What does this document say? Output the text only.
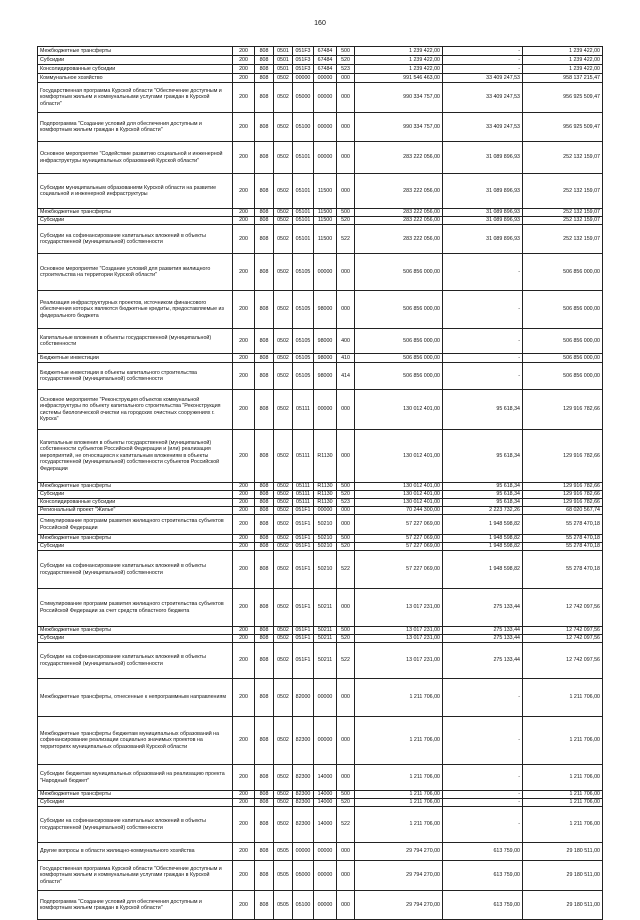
160
Межбюджетные трансферты	200	808	0501	051F3	67484	500	1 239 422,00	-	1 239 422,00
Субсидии	200	808	0501	051F3	67484	520	1 239 422,00	-	1 239 422,00
Консолидированные субсидии	200	808	0501	051F3	67484	523	1 239 422,00	-	1 239 422,00
Коммунальное хозяйство	200	808	0502	00000	00000	000	991 546 463,00	33 409 247,53	958 137 215,47
Государственная программа Курской области "Обеспечение доступным и комфортным жильем и коммунальными услугами граждан в Курской области"	200	808	0502	05000	00000	000	990 334 757,00	33 409 247,53	956 925 509,47
Подпрограмма "Создание условий для обеспечения доступным и комфортным жильем граждан в Курской области"	200	808	0502	05100	00000	000	990 334 757,00	33 409 247,53	956 925 509,47
Основное мероприятие "Содействие развитию социальной и инженерной инфраструктуры муниципальных образований Курской области"	200	808	0502	05101	00000	000	283 222 056,00	31 089 896,93	252 132 159,07
Субсидии муниципальным образованиям Курской области на развитие социальной и инженерной инфраструктуры	200	808	0502	05101	11500	000	283 222 056,00	31 089 896,93	252 132 159,07
Межбюджетные трансферты	200	808	0502	05101	11500	500	283 222 056,00	31 089 896,93	252 132 159,07
Субсидии	200	808	0502	05101	11500	520	283 222 056,00	31 089 896,93	252 132 159,07
Субсидии на софинансирование капитальных вложений в объекты государственной (муниципальной) собственности	200	808	0502	05101	11500	522	283 222 056,00	31 089 896,93	252 132 159,07
Основное мероприятие "Создание условий для развития жилищного строительства на территории Курской области"	200	808	0502	05105	00000	000	506 856 000,00	-	506 856 000,00
Реализация инфраструктурных проектов, источником финансового обеспечения которых являются бюджетные кредиты, предоставляемые из федерального бюджета	200	808	0502	05105	98000	000	506 856 000,00	-	506 856 000,00
Капитальные вложения в объекты государственной (муниципальной) собственности	200	808	0502	05105	98000	400	506 856 000,00	-	506 856 000,00
Бюджетные инвестиции	200	808	0502	05105	98000	410	506 856 000,00	-	506 856 000,00
Бюджетные инвестиции в объекты капитального строительства государственной (муниципальной) собственности	200	808	0502	05105	98000	414	506 856 000,00	-	506 856 000,00
Основное мероприятие "Реконструкция объектов коммунальной инфраструктуры по объекту капитального строительства "Реконструкция системы биологической очистки на городских очистных сооружениях г. Курска"	200	808	0502	05111	00000	000	130 012 401,00	95 618,34	129 916 782,66
Капитальные вложения в объекты государственной (муниципальной) собственности субъектов Российской Федерации и (или) реализация мероприятий, не относящихся к капитальным вложениям в объекты государственной (муниципальной) собственности субъектов Российской Федерации	200	808	0502	05111	R1130	000	130 012 401,00	95 618,34	129 916 782,66
Межбюджетные трансферты	200	808	0502	05111	R1130	500	130 012 401,00	95 618,34	129 916 782,66
Субсидии	200	808	0502	05111	R1130	520	130 012 401,00	95 618,34	129 916 782,66
Консолидированные субсидии	200	808	0502	05111	R1130	523	130 012 401,00	95 618,34	129 916 782,66
Региональный проект "Жилье"	200	808	0502	051F1	00000	000	70 244 300,00	2 223 732,26	68 020 567,74
Стимулирование программ развития жилищного строительства субъектов Российской Федерации	200	808	0502	051F1	50210	000	57 227 069,00	1 948 598,82	55 278 470,18
Межбюджетные трансферты	200	808	0502	051F1	50210	500	57 227 069,00	1 948 598,82	55 278 470,18
Субсидии	200	808	0502	051F1	50210	520	57 227 069,00	1 948 598,82	55 278 470,18
Субсидии на софинансирование капитальных вложений в объекты государственной (муниципальной) собственности	200	808	0502	051F1	50210	522	57 227 069,00	1 948 598,82	55 278 470,18
Стимулирование программ развития жилищного строительства субъектов Российской Федерации за счет средств областного бюджета	200	808	0502	051F1	50211	000	13 017 231,00	275 133,44	12 742 097,56
Межбюджетные трансферты	200	808	0502	051F1	50211	500	13 017 231,00	275 133,44	12 742 097,56
Субсидии	200	808	0502	051F1	50211	520	13 017 231,00	275 133,44	12 742 097,56
Субсидии на софинансирование капитальных вложений в объекты государственной (муниципальной) собственности	200	808	0502	051F1	50211	522	13 017 231,00	275 133,44	12 742 097,56
Межбюджетные трансферты, отнесенные к непрограммным направлениям	200	808	0502	82000	00000	000	1 211 706,00	-	1 211 706,00
Межбюджетные трансферты бюджетам муниципальных образований на софинансирование реализации социально значимых проектов на территориях муниципальных образований Курской области	200	808	0502	82300	00000	000	1 211 706,00	-	1 211 706,00
Субсидии бюджетам муниципальных образований на реализацию проекта "Народный бюджет"	200	808	0502	82300	14000	000	1 211 706,00	-	1 211 706,00
Межбюджетные трансферты	200	808	0502	82300	14000	500	1 211 706,00	-	1 211 706,00
Субсидии	200	808	0502	82300	14000	520	1 211 706,00	-	1 211 706,00
Субсидии на софинансирование капитальных вложений в объекты государственной (муниципальной) собственности	200	808	0502	82300	14000	522	1 211 706,00	-	1 211 706,00
Другие вопросы в области жилищно-коммунального хозяйства	200	808	0505	00000	00000	000	29 794 270,00	613 759,00	29 180 511,00
Государственная программа Курской области "Обеспечение доступным и комфортным жильем и коммунальными услугами граждан в Курской области"	200	808	0505	05000	00000	000	29 794 270,00	613 759,00	29 180 511,00
Подпрограмма "Создание условий для обеспечения доступным и комфортным жильем граждан в Курской области"	200	808	0505	05100	00000	000	29 794 270,00	613 759,00	29 180 511,00
